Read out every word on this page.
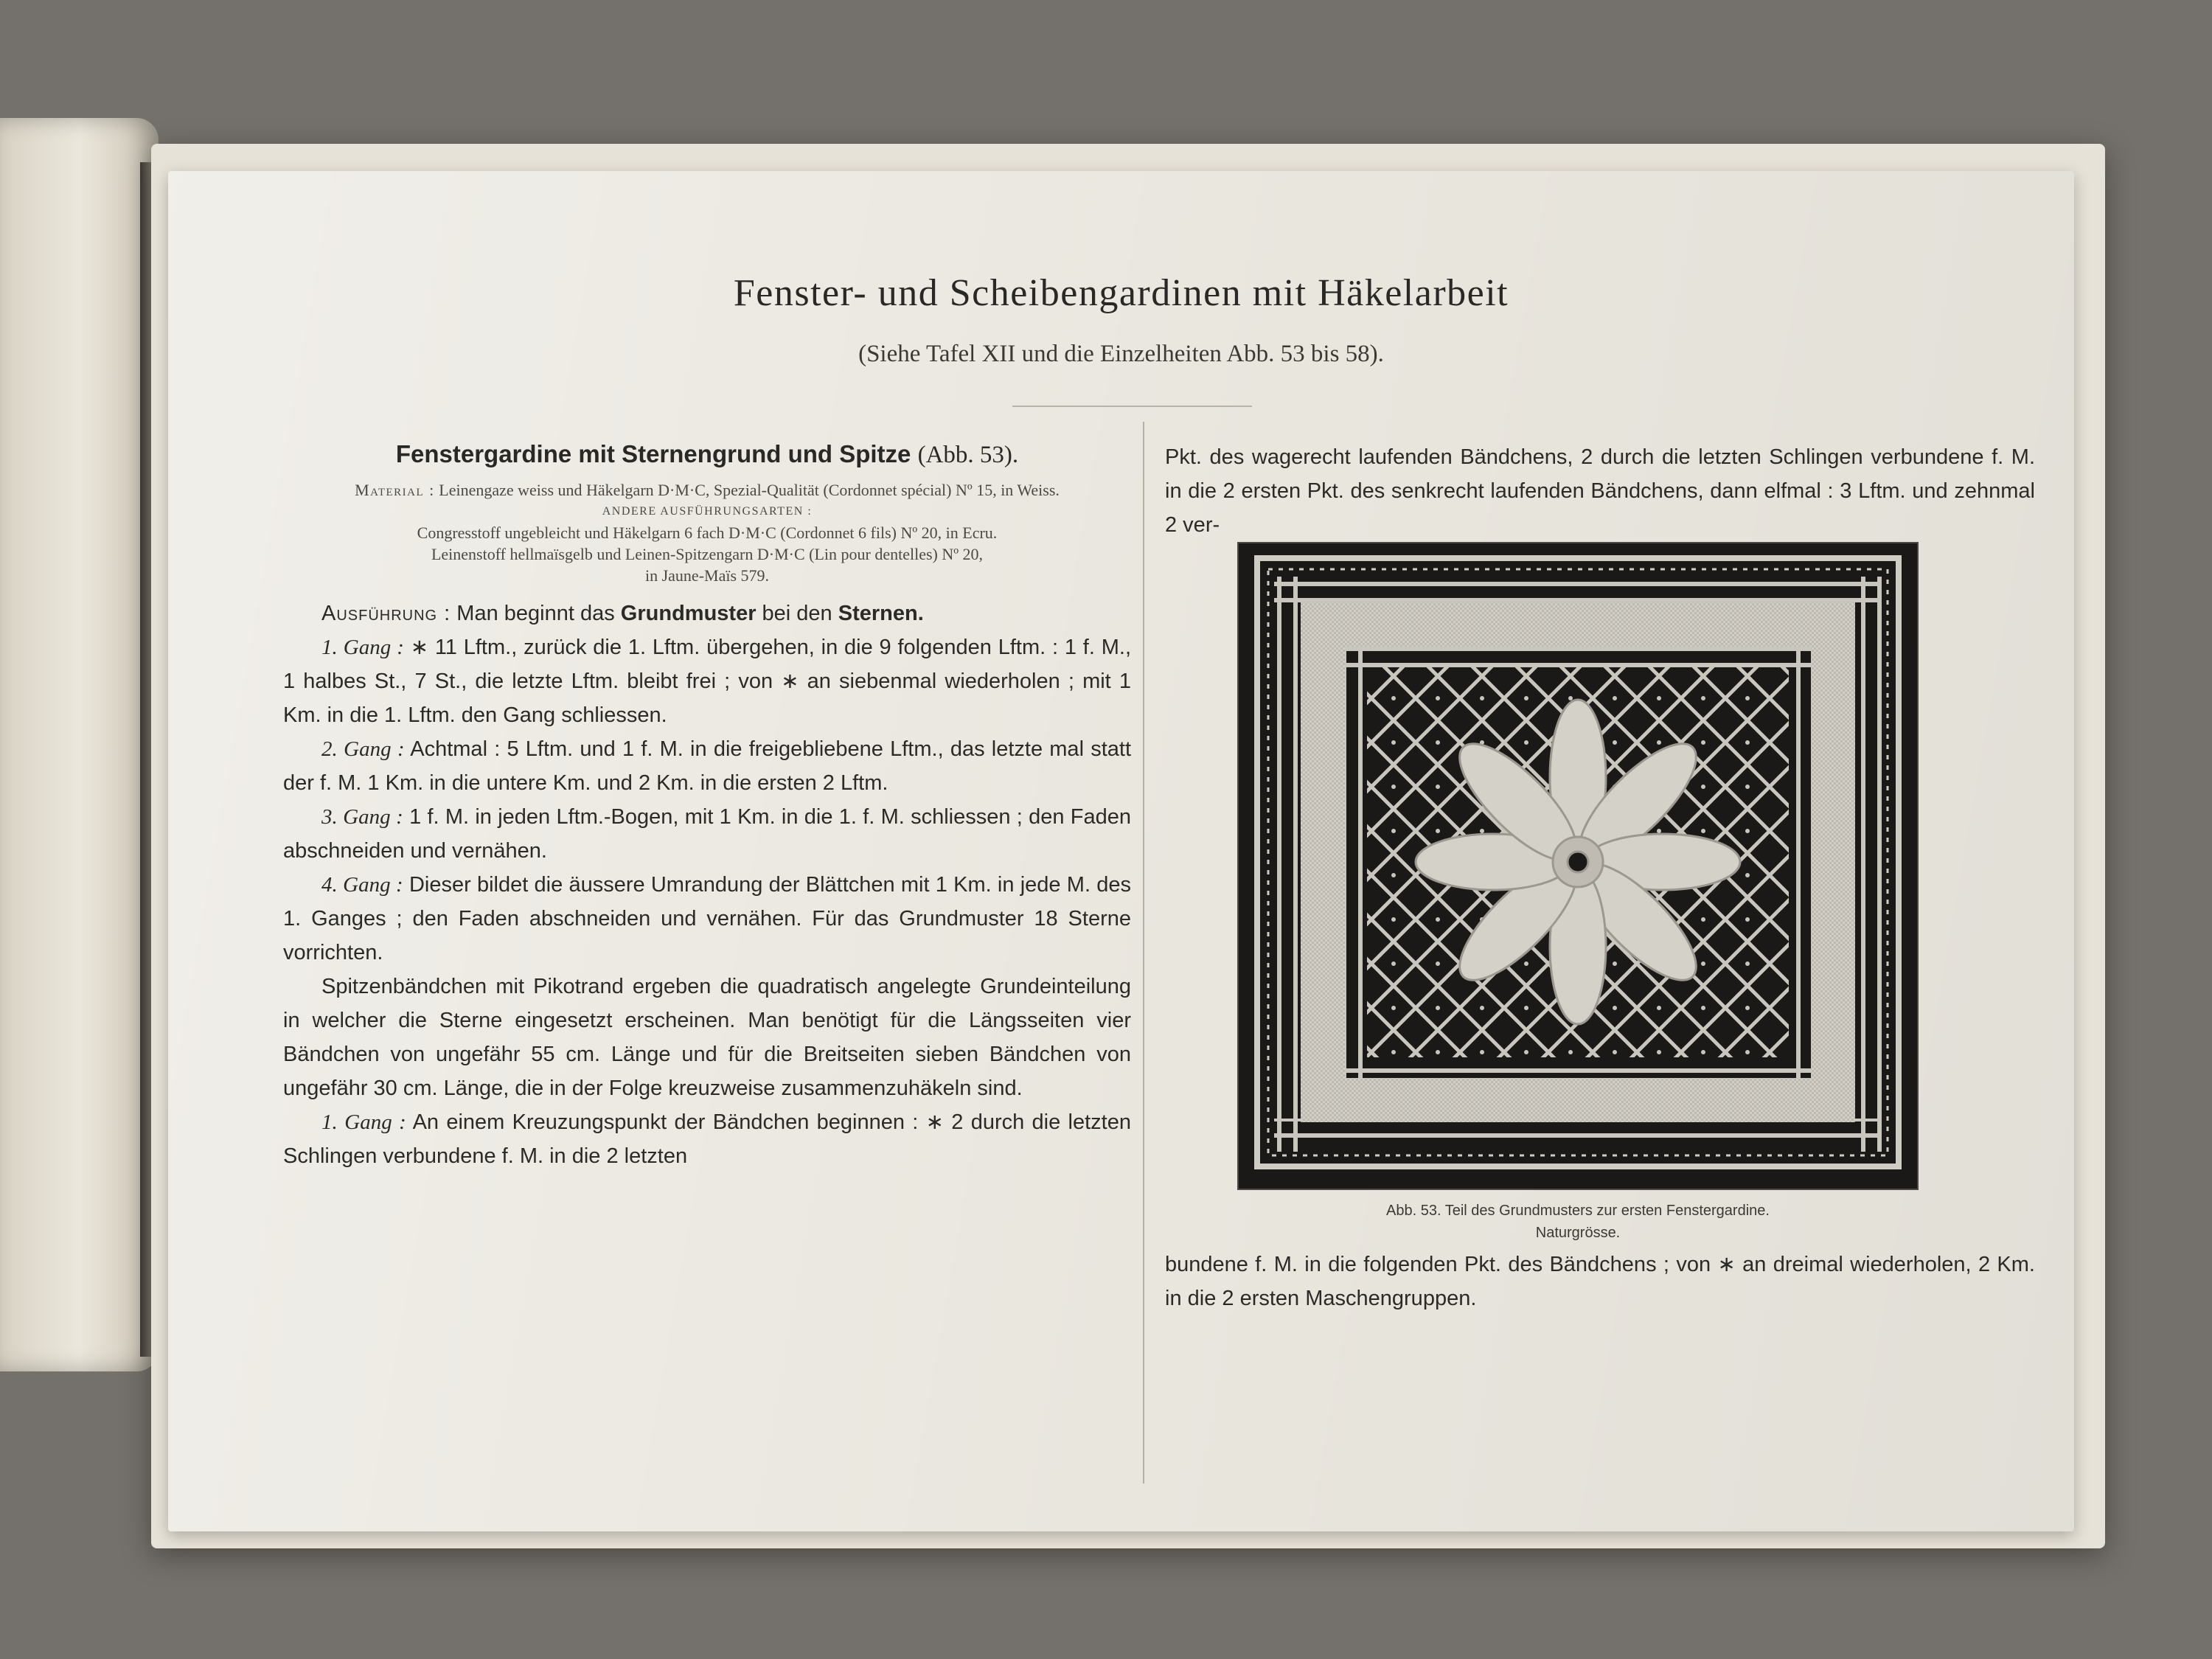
Fenster- und Scheibengardinen mit Häkelarbeit
(Siehe Tafel XII und die Einzelheiten Abb. 53 bis 58).
Fenstergardine mit Sternengrund und Spitze (Abb. 53).
Material : Leinengaze weiss und Häkelgarn D·M·C, Spezial-Qualität (Cordonnet spécial) Nº 15, in Weiss.
ANDERE AUSFÜHRUNGSARTEN :
Congresstoff ungebleicht und Häkelgarn 6 fach D·M·C (Cordonnet 6 fils) Nº 20, in Ecru.
Leinenstoff hellmaïsgelb und Leinen-Spitzengarn D·M·C (Lin pour dentelles) Nº 20,
in Jaune-Maïs 579.

Ausführung : Man beginnt das Grundmuster bei den Sternen.

1. Gang : ∗ 11 Lftm., zurück die 1. Lftm. übergehen, in die 9 folgenden Lftm. : 1 f. M., 1 halbes St., 7 St., die letzte Lftm. bleibt frei ; von ∗ an siebenmal wiederholen ; mit 1 Km. in die 1. Lftm. den Gang schliessen.

2. Gang : Achtmal : 5 Lftm. und 1 f. M. in die freigebliebene Lftm., das letzte mal statt der f. M. 1 Km. in die untere Km. und 2 Km. in die ersten 2 Lftm.

3. Gang : 1 f. M. in jeden Lftm.-Bogen, mit 1 Km. in die 1. f. M. schliessen ; den Faden abschneiden und vernähen.

4. Gang : Dieser bildet die äussere Umrandung der Blättchen mit 1 Km. in jede M. des 1. Ganges ; den Faden abschneiden und vernähen. Für das Grundmuster 18 Sterne vorrichten.

Spitzenbändchen mit Pikotrand ergeben die quadratisch angelegte Grundeinteilung in welcher die Sterne eingesetzt erscheinen. Man benötigt für die Längsseiten vier Bändchen von ungefähr 55 cm. Länge und für die Breitseiten sieben Bändchen von ungefähr 30 cm. Länge, die in der Folge kreuzweise zusammenzuhäkeln sind.

1. Gang : An einem Kreuzungspunkt der Bändchen beginnen : ∗ 2 durch die letzten Schlingen verbundene f. M. in die 2 letzten

Pkt. des wagerecht laufenden Bändchens, 2 durch die letzten Schlingen verbundene f. M. in die 2 ersten Pkt. des senkrecht laufenden Bändchens, dann elfmal : 3 Lftm. und zehnmal 2 ver-

Abb. 53. Teil des Grundmusters zur ersten Fenstergardine.
Naturgrösse.

bundene f. M. in die folgenden Pkt. des Bändchens ; von ∗ an dreimal wiederholen, 2 Km. in die 2 ersten Maschengruppen.
